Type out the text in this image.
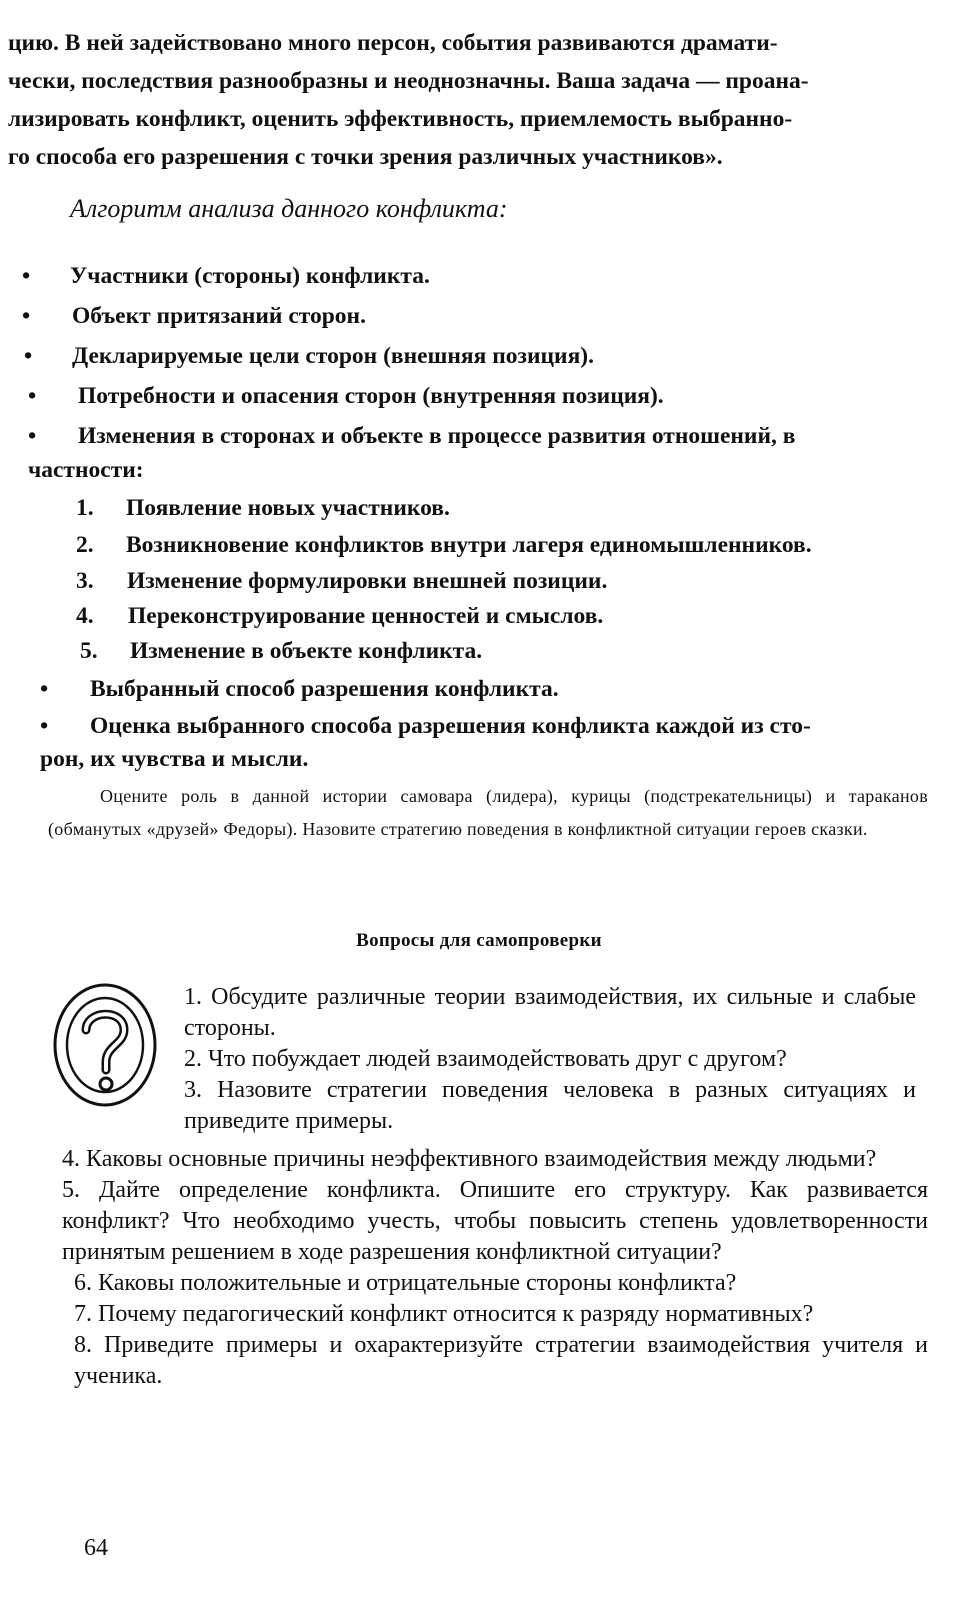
цию. В ней задействовано много персон, события развиваются драмати-

чески, последствия разнообразны и неоднозначны. Ваша задача — проана-

лизировать конфликт, оценить эффективность, приемлемость выбранно-

го способа его разрешения с точки зрения различных участников».

Алгоритм анализа данного конфликта:
• Участники (стороны) конфликта.
• Объект притязаний сторон.
• Декларируемые цели сторон (внешняя позиция).
• Потребности и опасения сторон (внутренняя позиция).
• Изменения в сторонах и объекте в процессе развития отношений, в
частности:
1. Появление новых участников.
2. Возникновение конфликтов внутри лагеря единомышленников.
3. Изменение формулировки внешней позиции.
4. Переконструирование ценностей и смыслов.
5. Изменение в объекте конфликта.
• Выбранный способ разрешения конфликта.
• Оценка выбранного способа разрешения конфликта каждой из сто-
рон, их чувства и мысли.

Оцените роль в данной истории самовара (лидера), курицы (подстрекательницы) и тараканов (обманутых «друзей» Федоры). Назовите стратегию поведения в конфликтной ситуации героев сказки.

Вопросы для самопроверки

1. Обсудите различные теории взаимодействия, их сильные и слабые стороны.

2. Что побуждает людей взаимодействовать друг с другом?

3. Назовите стратегии поведения человека в разных ситуациях и приведите примеры.

4. Каковы основные причины неэффективного взаимодействия между людьми?

5. Дайте определение конфликта. Опишите его структуру. Как развивается конфликт? Что необходимо учесть, чтобы повысить степень удовлетворенности принятым решением в ходе разрешения конфликтной ситуации?

6. Каковы положительные и отрицательные стороны конфликта?

7. Почему педагогический конфликт относится к разряду нормативных?

8. Приведите примеры и охарактеризуйте стратегии взаимодействия учителя и ученика.

64
